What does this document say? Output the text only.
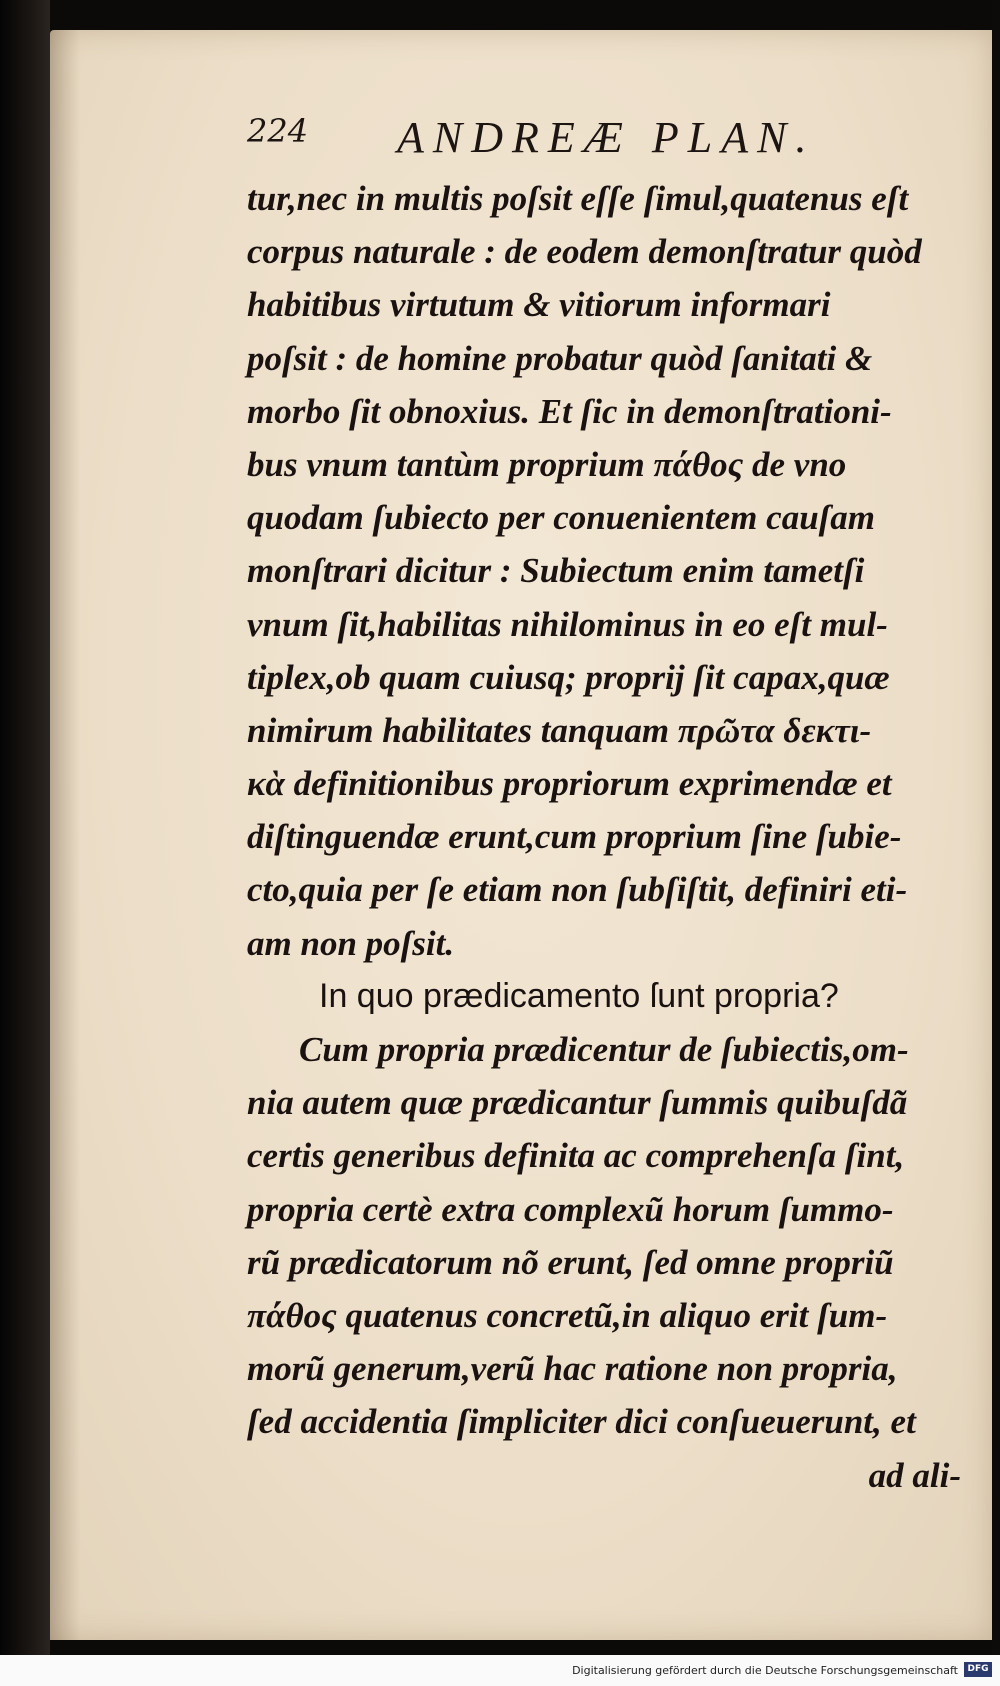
224 ANDREÆ PLAN.
tur,nec in multis poſsit eſſe ſimul,quatenus eſt
corpus naturale : de eodem demonſtratur quòd
habitibus virtutum & vitiorum informari
poſsit : de homine probatur quòd ſanitati &
morbo ſit obnoxius. Et ſic in demonſtrationi-
bus vnum tantùm proprium πάθος de vno
quodam ſubiecto per conuenientem cauſam
monſtrari dicitur : Subiectum enim tametſi
vnum ſit,habilitas nihilominus in eo eſt mul-
tiplex,ob quam cuiusq; proprij ſit capax,quæ
nimirum habilitates tanquam πρῶτα δεκτι-
κὰ definitionibus propriorum exprimendæ et
diſtinguendæ erunt,cum proprium ſine ſubie-
cto,quia per ſe etiam non ſubſiſtit, definiri eti-
am non poſsit.
In quo prædicamento ſunt propria?
Cum propria prædicentur de ſubiectis,om-
nia autem quæ prædicantur ſummis quibuſdã
certis generibus definita ac comprehenſa ſint,
propria certè extra complexũ horum ſummo-
rũ prædicatorum nõ erunt, ſed omne propriũ
πάθος quatenus concretũ,in aliquo erit ſum-
morũ generum,verũ hac ratione non propria,
ſed accidentia ſimpliciter dici conſueuerunt, et
ad ali-
Digitalisierung gefördert durch die Deutsche Forschungsgemeinschaft	DFG
